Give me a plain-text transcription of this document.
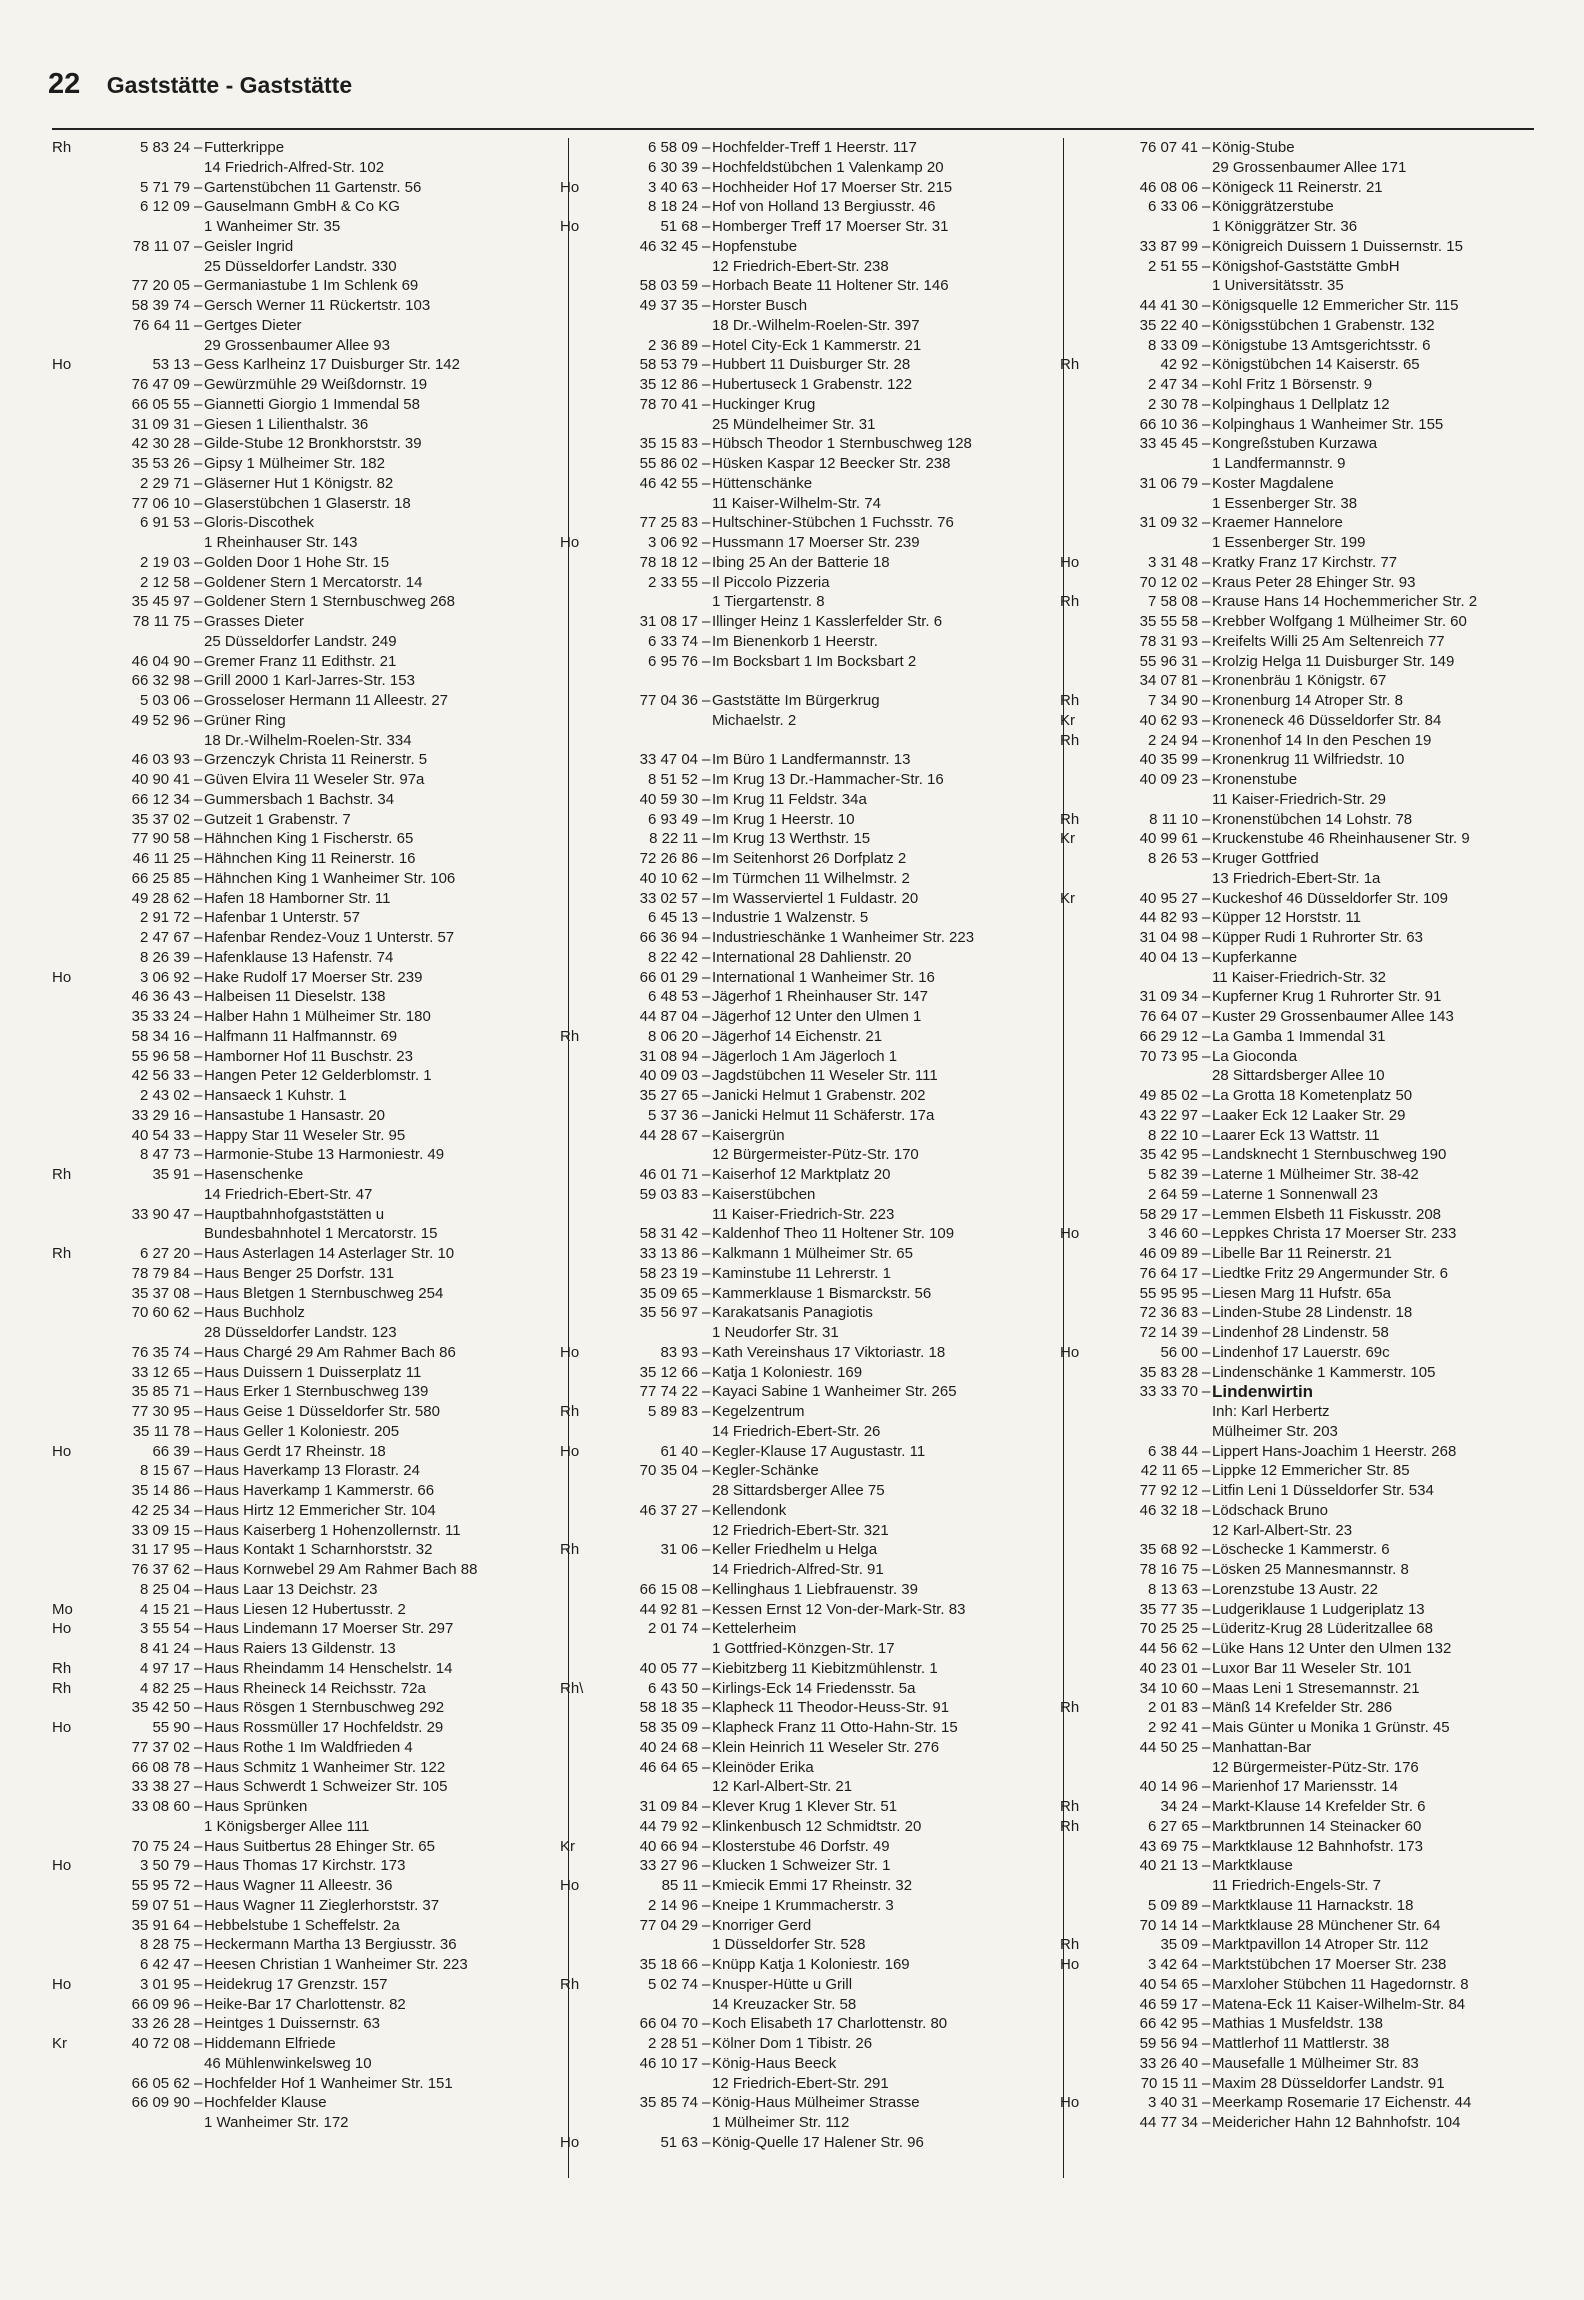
22 Gaststätte - Gaststätte
Rh	5 83 24 – Futterkrippe
14 Friedrich-Alfred-Str. 102
5 71 79 – Gartenstübchen 11 Gartenstr. 56
6 12 09 – Gauselmann GmbH & Co KG
1 Wanheimer Str. 35
78 11 07 – Geisler Ingrid
25 Düsseldorfer Landstr. 330
77 20 05 – Germaniastube 1 Im Schlenk 69
58 39 74 – Gersch Werner 11 Rückertstr. 103
76 64 11 – Gertges Dieter
29 Grossenbaumer Allee 93
Ho	53 13 – Gess Karlheinz 17 Duisburger Str. 142
76 47 09 – Gewürzmühle 29 Weißdornstr. 19
66 05 55 – Giannetti Giorgio 1 Immendal 58
31 09 31 – Giesen 1 Lilienthalstr. 36
42 30 28 – Gilde-Stube 12 Bronkhorststr. 39
35 53 26 – Gipsy 1 Mülheimer Str. 182
2 29 71 – Gläserner Hut 1 Königstr. 82
77 06 10 – Glaserstübchen 1 Glaserstr. 18
6 91 53 – Gloris-Discothek
1 Rheinhauser Str. 143
2 19 03 – Golden Door 1 Hohe Str. 15
2 12 58 – Goldener Stern 1 Mercatorstr. 14
35 45 97 – Goldener Stern 1 Sternbuschweg 268
78 11 75 – Grasses Dieter
25 Düsseldorfer Landstr. 249
46 04 90 – Gremer Franz 11 Edithstr. 21
66 32 98 – Grill 2000 1 Karl-Jarres-Str. 153
5 03 06 – Grosseloser Hermann 11 Alleestr. 27
49 52 96 – Grüner Ring
18 Dr.-Wilhelm-Roelen-Str. 334
46 03 93 – Grzenczyk Christa 11 Reinerstr. 5
40 90 41 – Güven Elvira 11 Weseler Str. 97a
66 12 34 – Gummersbach 1 Bachstr. 34
35 37 02 – Gutzeit 1 Grabenstr. 7
77 90 58 – Hähnchen King 1 Fischerstr. 65
46 11 25 – Hähnchen King 11 Reinerstr. 16
66 25 85 – Hähnchen King 1 Wanheimer Str. 106
49 28 62 – Hafen 18 Hamborner Str. 11
2 91 72 – Hafenbar 1 Unterstr. 57
2 47 67 – Hafenbar Rendez-Vouz 1 Unterstr. 57
8 26 39 – Hafenklause 13 Hafenstr. 74
Ho	3 06 92 – Hake Rudolf 17 Moerser Str. 239
46 36 43 – Halbeisen 11 Dieselstr. 138
35 33 24 – Halber Hahn 1 Mülheimer Str. 180
58 34 16 – Halfmann 11 Halfmannstr. 69
55 96 58 – Hamborner Hof 11 Buschstr. 23
42 56 33 – Hangen Peter 12 Gelderblomstr. 1
2 43 02 – Hansaeck 1 Kuhstr. 1
33 29 16 – Hansastube 1 Hansastr. 20
40 54 33 – Happy Star 11 Weseler Str. 95
8 47 73 – Harmonie-Stube 13 Harmoniestr. 49
Rh	35 91 – Hasenschenke
14 Friedrich-Ebert-Str. 47
33 90 47 – Hauptbahnhofgaststätten u
Bundesbahnhotel 1 Mercatorstr. 15
Rh	6 27 20 – Haus Asterlagen 14 Asterlager Str. 10
78 79 84 – Haus Benger 25 Dorfstr. 131
35 37 08 – Haus Bletgen 1 Sternbuschweg 254
70 60 62 – Haus Buchholz
28 Düsseldorfer Landstr. 123
76 35 74 – Haus Chargé 29 Am Rahmer Bach 86
33 12 65 – Haus Duissern 1 Duisserplatz 11
35 85 71 – Haus Erker 1 Sternbuschweg 139
77 30 95 – Haus Geise 1 Düsseldorfer Str. 580
35 11 78 – Haus Geller 1 Koloniestr. 205
Ho	66 39 – Haus Gerdt 17 Rheinstr. 18
8 15 67 – Haus Haverkamp 13 Florastr. 24
35 14 86 – Haus Haverkamp 1 Kammerstr. 66
42 25 34 – Haus Hirtz 12 Emmericher Str. 104
33 09 15 – Haus Kaiserberg 1 Hohenzollernstr. 11
31 17 95 – Haus Kontakt 1 Scharnhorststr. 32
76 37 62 – Haus Kornwebel 29 Am Rahmer Bach 88
8 25 04 – Haus Laar 13 Deichstr. 23
Mo	4 15 21 – Haus Liesen 12 Hubertusstr. 2
Ho	3 55 54 – Haus Lindemann 17 Moerser Str. 297
8 41 24 – Haus Raiers 13 Gildenstr. 13
Rh	4 97 17 – Haus Rheindamm 14 Henschelstr. 14
Rh	4 82 25 – Haus Rheineck 14 Reichsstr. 72a
35 42 50 – Haus Rösgen 1 Sternbuschweg 292
Ho	55 90 – Haus Rossmüller 17 Hochfeldstr. 29
77 37 02 – Haus Rothe 1 Im Waldfrieden 4
66 08 78 – Haus Schmitz 1 Wanheimer Str. 122
33 38 27 – Haus Schwerdt 1 Schweizer Str. 105
33 08 60 – Haus Sprünken
1 Königsberger Allee 111
70 75 24 – Haus Suitbertus 28 Ehinger Str. 65
Ho	3 50 79 – Haus Thomas 17 Kirchstr. 173
55 95 72 – Haus Wagner 11 Alleestr. 36
59 07 51 – Haus Wagner 11 Zieglerhorststr. 37
35 91 64 – Hebbelstube 1 Scheffelstr. 2a
8 28 75 – Heckermann Martha 13 Bergiusstr. 36
6 42 47 – Heesen Christian 1 Wanheimer Str. 223
Ho	3 01 95 – Heidekrug 17 Grenzstr. 157
66 09 96 – Heike-Bar 17 Charlottenstr. 82
33 26 28 – Heintges 1 Duissernstr. 63
Kr	40 72 08 – Hiddemann Elfriede
46 Mühlenwinkelsweg 10
66 05 62 – Hochfelder Hof 1 Wanheimer Str. 151
66 09 90 – Hochfelder Klause
1 Wanheimer Str. 172
6 58 09 – Hochfelder-Treff 1 Heerstr. 117
6 30 39 – Hochfeldstübchen 1 Valenkamp 20
Ho	3 40 63 – Hochheider Hof 17 Moerser Str. 215
8 18 24 – Hof von Holland 13 Bergiusstr. 46
Ho	51 68 – Homberger Treff 17 Moerser Str. 31
46 32 45 – Hopfenstube
12 Friedrich-Ebert-Str. 238
58 03 59 – Horbach Beate 11 Holtener Str. 146
49 37 35 – Horster Busch
18 Dr.-Wilhelm-Roelen-Str. 397
2 36 89 – Hotel City-Eck 1 Kammerstr. 21
58 53 79 – Hubbert 11 Duisburger Str. 28
35 12 86 – Hubertuseck 1 Grabenstr. 122
78 70 41 – Huckinger Krug
25 Mündelheimer Str. 31
35 15 83 – Hübsch Theodor 1 Sternbuschweg 128
55 86 02 – Hüsken Kaspar 12 Beecker Str. 238
46 42 55 – Hüttenschänke
11 Kaiser-Wilhelm-Str. 74
77 25 83 – Hultschiner-Stübchen 1 Fuchsstr. 76
Ho	3 06 92 – Hussmann 17 Moerser Str. 239
78 18 12 – Ibing 25 An der Batterie 18
2 33 55 – Il Piccolo Pizzeria
1 Tiergartenstr. 8
31 08 17 – Illinger Heinz 1 Kasslerfelder Str. 6
6 33 74 – Im Bienenkorb 1 Heerstr.
6 95 76 – Im Bocksbart 1 Im Bocksbart 2
77 04 36 – Gaststätte Im Bürgerkrug
Michaelstr. 2
33 47 04 – Im Büro 1 Landfermannstr. 13
8 51 52 – Im Krug 13 Dr.-Hammacher-Str. 16
40 59 30 – Im Krug 11 Feldstr. 34a
6 93 49 – Im Krug 1 Heerstr. 10
8 22 11 – Im Krug 13 Werthstr. 15
72 26 86 – Im Seitenhorst 26 Dorfplatz 2
40 10 62 – Im Türmchen 11 Wilhelmstr. 2
33 02 57 – Im Wasserviertel 1 Fuldastr. 20
6 45 13 – Industrie 1 Walzenstr. 5
66 36 94 – Industrieschänke 1 Wanheimer Str. 223
8 22 42 – International 28 Dahlienstr. 20
66 01 29 – International 1 Wanheimer Str. 16
6 48 53 – Jägerhof 1 Rheinhauser Str. 147
44 87 04 – Jägerhof 12 Unter den Ulmen 1
Rh	8 06 20 – Jägerhof 14 Eichenstr. 21
31 08 94 – Jägerloch 1 Am Jägerloch 1
40 09 03 – Jagdstübchen 11 Weseler Str. 111
35 27 65 – Janicki Helmut 1 Grabenstr. 202
5 37 36 – Janicki Helmut 11 Schäferstr. 17a
44 28 67 – Kaisergrün
12 Bürgermeister-Pütz-Str. 170
46 01 71 – Kaiserhof 12 Marktplatz 20
59 03 83 – Kaiserstübchen
11 Kaiser-Friedrich-Str. 223
58 31 42 – Kaldenhof Theo 11 Holtener Str. 109
33 13 86 – Kalkmann 1 Mülheimer Str. 65
58 23 19 – Kaminstube 11 Lehrerstr. 1
35 09 65 – Kammerklause 1 Bismarckstr. 56
35 56 97 – Karakatsanis Panagiotis
1 Neudorfer Str. 31
Ho	83 93 – Kath Vereinshaus 17 Viktoriastr. 18
35 12 66 – Katja 1 Koloniestr. 169
77 74 22 – Kayaci Sabine 1 Wanheimer Str. 265
Rh	5 89 83 – Kegelzentrum
14 Friedrich-Ebert-Str. 26
Ho	61 40 – Kegler-Klause 17 Augustastr. 11
70 35 04 – Kegler-Schänke
28 Sittardsberger Allee 75
46 37 27 – Kellendonk
12 Friedrich-Ebert-Str. 321
Rh	31 06 – Keller Friedhelm u Helga
14 Friedrich-Alfred-Str. 91
66 15 08 – Kellinghaus 1 Liebfrauenstr. 39
44 92 81 – Kessen Ernst 12 Von-der-Mark-Str. 83
2 01 74 – Kettelerheim
1 Gottfried-Könzgen-Str. 17
40 05 77 – Kiebitzberg 11 Kiebitzmühlenstr. 1
Rh\	6 43 50 – Kirlings-Eck 14 Friedensstr. 5a
58 18 35 – Klapheck 11 Theodor-Heuss-Str. 91
58 35 09 – Klapheck Franz 11 Otto-Hahn-Str. 15
40 24 68 – Klein Heinrich 11 Weseler Str. 276
46 64 65 – Kleinöder Erika
12 Karl-Albert-Str. 21
31 09 84 – Klever Krug 1 Klever Str. 51
44 79 92 – Klinkenbusch 12 Schmidtstr. 20
Kr	40 66 94 – Klosterstube 46 Dorfstr. 49
33 27 96 – Klucken 1 Schweizer Str. 1
Ho	85 11 – Kmiecik Emmi 17 Rheinstr. 32
2 14 96 – Kneipe 1 Krummacherstr. 3
77 04 29 – Knorriger Gerd
1 Düsseldorfer Str. 528
35 18 66 – Knüpp Katja 1 Koloniestr. 169
Rh	5 02 74 – Knusper-Hütte u Grill
14 Kreuzacker Str. 58
66 04 70 – Koch Elisabeth 17 Charlottenstr. 80
2 28 51 – Kölner Dom 1 Tibistr. 26
46 10 17 – König-Haus Beeck
12 Friedrich-Ebert-Str. 291
35 85 74 – König-Haus Mülheimer Strasse
1 Mülheimer Str. 112
Ho	51 63 – König-Quelle 17 Halener Str. 96
76 07 41 – König-Stube
29 Grossenbaumer Allee 171
46 08 06 – Königeck 11 Reinerstr. 21
6 33 06 – Königgrätzerstube
1 Königgrätzer Str. 36
33 87 99 – Königreich Duissern 1 Duissernstr. 15
2 51 55 – Königshof-Gaststätte GmbH
1 Universitätsstr. 35
44 41 30 – Königsquelle 12 Emmericher Str. 115
35 22 40 – Königsstübchen 1 Grabenstr. 132
8 33 09 – Königstube 13 Amtsgerichtsstr. 6
Rh	42 92 – Königstübchen 14 Kaiserstr. 65
2 47 34 – Kohl Fritz 1 Börsenstr. 9
2 30 78 – Kolpinghaus 1 Dellplatz 12
66 10 36 – Kolpinghaus 1 Wanheimer Str. 155
33 45 45 – Kongreßstuben Kurzawa
1 Landfermannstr. 9
31 06 79 – Koster Magdalene
1 Essenberger Str. 38
31 09 32 – Kraemer Hannelore
1 Essenberger Str. 199
Ho	3 31 48 – Kratky Franz 17 Kirchstr. 77
70 12 02 – Kraus Peter 28 Ehinger Str. 93
Rh	7 58 08 – Krause Hans 14 Hochemmericher Str. 2
35 55 58 – Krebber Wolfgang 1 Mülheimer Str. 60
78 31 93 – Kreifelts Willi 25 Am Seltenreich 77
55 96 31 – Krolzig Helga 11 Duisburger Str. 149
34 07 81 – Kronenbräu 1 Königstr. 67
Rh	7 34 90 – Kronenburg 14 Atroper Str. 8
Kr	40 62 93 – Kroneneck 46 Düsseldorfer Str. 84
Rh	2 24 94 – Kronenhof 14 In den Peschen 19
40 35 99 – Kronenkrug 11 Wilfriedstr. 10
40 09 23 – Kronenstube
11 Kaiser-Friedrich-Str. 29
Rh	8 11 10 – Kronenstübchen 14 Lohstr. 78
Kr	40 99 61 – Kruckenstube 46 Rheinhausener Str. 9
8 26 53 – Kruger Gottfried
13 Friedrich-Ebert-Str. 1a
Kr	40 95 27 – Kuckeshof 46 Düsseldorfer Str. 109
44 82 93 – Küpper 12 Horststr. 11
31 04 98 – Küpper Rudi 1 Ruhrorter Str. 63
40 04 13 – Kupferkanne
11 Kaiser-Friedrich-Str. 32
31 09 34 – Kupferner Krug 1 Ruhrorter Str. 91
76 64 07 – Kuster 29 Grossenbaumer Allee 143
66 29 12 – La Gamba 1 Immendal 31
70 73 95 – La Gioconda
28 Sittardsberger Allee 10
49 85 02 – La Grotta 18 Kometenplatz 50
43 22 97 – Laaker Eck 12 Laaker Str. 29
8 22 10 – Laarer Eck 13 Wattstr. 11
35 42 95 – Landsknecht 1 Sternbuschweg 190
5 82 39 – Laterne 1 Mülheimer Str. 38-42
2 64 59 – Laterne 1 Sonnenwall 23
58 29 17 – Lemmen Elsbeth 11 Fiskusstr. 208
Ho	3 46 60 – Leppkes Christa 17 Moerser Str. 233
46 09 89 – Libelle Bar 11 Reinerstr. 21
76 64 17 – Liedtke Fritz 29 Angermunder Str. 6
55 95 95 – Liesen Marg 11 Hufstr. 65a
72 36 83 – Linden-Stube 28 Lindenstr. 18
72 14 39 – Lindenhof 28 Lindenstr. 58
Ho	56 00 – Lindenhof 17 Lauerstr. 69c
35 83 28 – Lindenschänke 1 Kammerstr. 105
33 33 70 – Lindenwirtin
Inh: Karl Herbertz
Mülheimer Str. 203
6 38 44 – Lippert Hans-Joachim 1 Heerstr. 268
42 11 65 – Lippke 12 Emmericher Str. 85
77 92 12 – Litfin Leni 1 Düsseldorfer Str. 534
46 32 18 – Lödschack Bruno
12 Karl-Albert-Str. 23
35 68 92 – Löschecke 1 Kammerstr. 6
78 16 75 – Lösken 25 Mannesmannstr. 8
8 13 63 – Lorenzstube 13 Austr. 22
35 77 35 – Ludgeriklause 1 Ludgeriplatz 13
70 25 25 – Lüderitz-Krug 28 Lüderitzallee 68
44 56 62 – Lüke Hans 12 Unter den Ulmen 132
40 23 01 – Luxor Bar 11 Weseler Str. 101
34 10 60 – Maas Leni 1 Stresemannstr. 21
Rh	2 01 83 – Mänß 14 Krefelder Str. 286
2 92 41 – Mais Günter u Monika 1 Grünstr. 45
44 50 25 – Manhattan-Bar
12 Bürgermeister-Pütz-Str. 176
40 14 96 – Marienhof 17 Mariensstr. 14
Rh	34 24 – Markt-Klause 14 Krefelder Str. 6
Rh	6 27 65 – Marktbrunnen 14 Steinacker 60
43 69 75 – Marktklause 12 Bahnhofstr. 173
40 21 13 – Marktklause
11 Friedrich-Engels-Str. 7
5 09 89 – Marktklause 11 Harnackstr. 18
70 14 14 – Marktklause 28 Münchener Str. 64
Rh	35 09 – Marktpavillon 14 Atroper Str. 112
Ho	3 42 64 – Marktstübchen 17 Moerser Str. 238
40 54 65 – Marxloher Stübchen 11 Hagedornstr. 8
46 59 17 – Matena-Eck 11 Kaiser-Wilhelm-Str. 84
66 42 95 – Mathias 1 Musfeldstr. 138
59 56 94 – Mattlerhof 11 Mattlerstr. 38
33 26 40 – Mausefalle 1 Mülheimer Str. 83
70 15 11 – Maxim 28 Düsseldorfer Landstr. 91
Ho	3 40 31 – Meerkamp Rosemarie 17 Eichenstr. 44
44 77 34 – Meidericher Hahn 12 Bahnhofstr. 104
